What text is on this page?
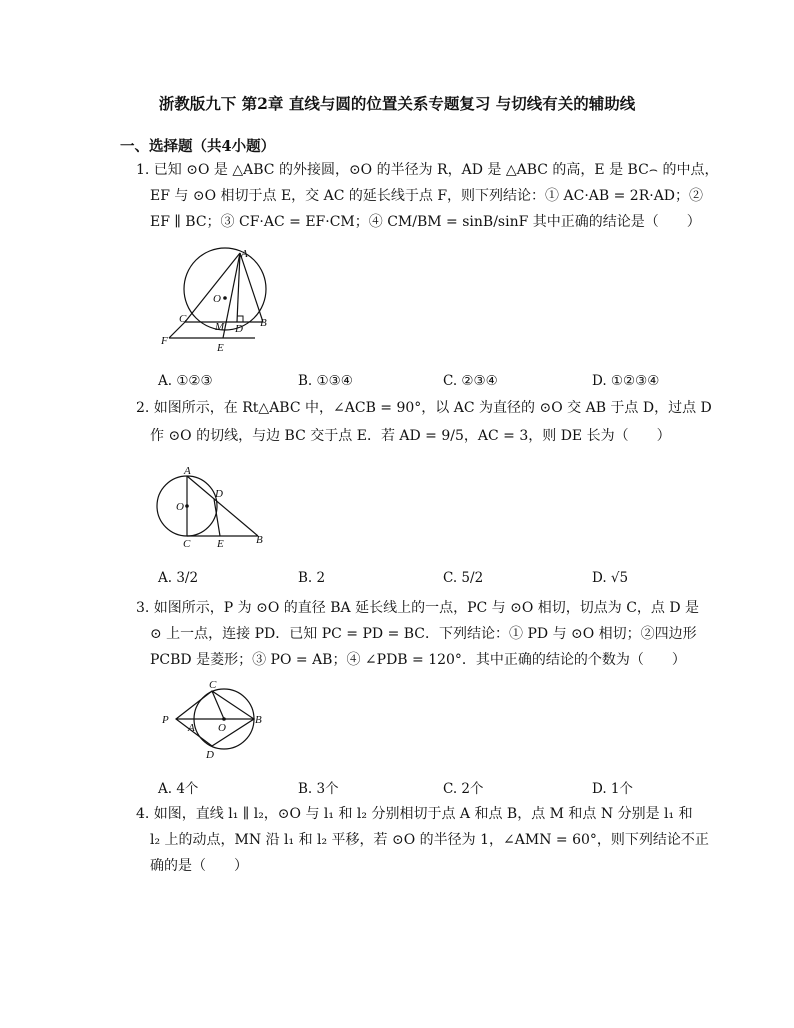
浙教版九下 第2章 直线与圆的位置关系专题复习 与切线有关的辅助线
一、选择题（共4小题）
1. 已知 ⊙O 是 △ABC 的外接圆，⊙O 的半径为 R，AD 是 △ABC 的高，E 是 BC⌢ 的中点，
EF 与 ⊙O 相切于点 E，交 AC 的延长线于点 F，则下列结论：① AC·AB = 2R·AD；②
EF ∥ BC；③ CF·AC = EF·CM；④ CM/BM = sinB/sinF 其中正确的结论是（　　）
A
O
C
M D B
F
E
A. ①②③	B. ①③④	C. ②③④	D. ①②③④
2. 如图所示，在 Rt△ABC 中，∠ACB = 90°，以 AC 为直径的 ⊙O 交 AB 于点 D，过点 D
作 ⊙O 的切线，与边 BC 交于点 E．若 AD = 9/5，AC = 3，则 DE 长为（　　）
A
D
O
C E	B
A. 3/2	B. 2	C. 5/2	D. √5
3. 如图所示，P 为 ⊙O 的直径 BA 延长线上的一点，PC 与 ⊙O 相切，切点为 C，点 D 是
⊙ 上一点，连接 PD．已知 PC = PD = BC．下列结论：① PD 与 ⊙O 相切；②四边形
PCBD 是菱形；③ PO = AB；④ ∠PDB = 120°．其中正确的结论的个数为（　　）
C
P
A O
B
D
A. 4个	B. 3个	C. 2个	D. 1个
4. 如图，直线 l₁ ∥ l₂，⊙O 与 l₁ 和 l₂ 分别相切于点 A 和点 B，点 M 和点 N 分别是 l₁ 和
l₂ 上的动点，MN 沿 l₁ 和 l₂ 平移，若 ⊙O 的半径为 1，∠AMN = 60°，则下列结论不正
确的是（　　）
